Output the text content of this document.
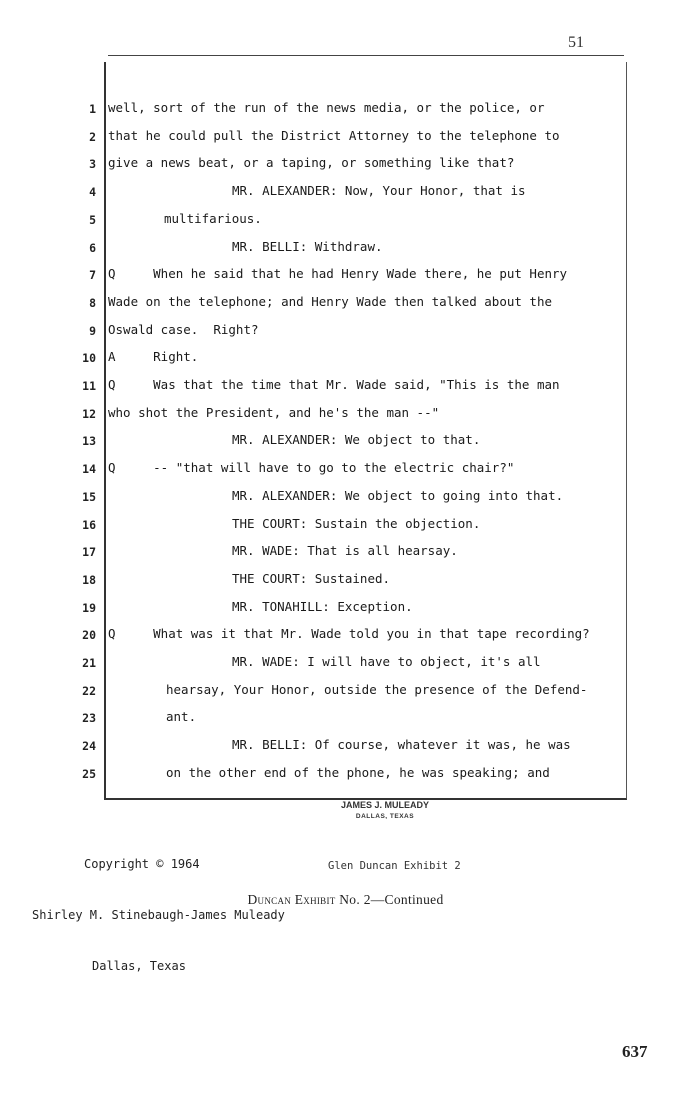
51
1 well, sort of the run of the news media, or the police, or
2 that he could pull the District Attorney to the telephone to
3 give a news beat, or a taping, or something like that?
4	MR. ALEXANDER: Now, Your Honor, that is
5	multifarious.
6	MR. BELLI: Withdraw.
7 Q     When he said that he had Henry Wade there, he put Henry
8 Wade on the telephone; and Henry Wade then talked about the
9 Oswald case.  Right?
10 A     Right.
11 Q     Was that the time that Mr. Wade said, "This is the man
12 who shot the President, and he's the man --"
13	MR. ALEXANDER: We object to that.
14 Q     -- "that will have to go to the electric chair?"
15	MR. ALEXANDER: We object to going into that.
16	THE COURT: Sustain the objection.
17	MR. WADE: That is all hearsay.
18	THE COURT: Sustained.
19	MR. TONAHILL: Exception.
20 Q     What was it that Mr. Wade told you in that tape recording?
21	MR. WADE: I will have to object, it's all
22	hearsay, Your Honor, outside the presence of the Defend-
23	ant.
24	MR. BELLI: Of course, whatever it was, he was
25	on the other end of the phone, he was speaking; and
JAMES J. MULEADY
DALLAS, TEXAS

Copyright © 1964

Shirley M. Stinebaugh-James Muleady

Dallas, Texas

Glen Duncan Exhibit 2
Duncan Exhibit No. 2—Continued
637
